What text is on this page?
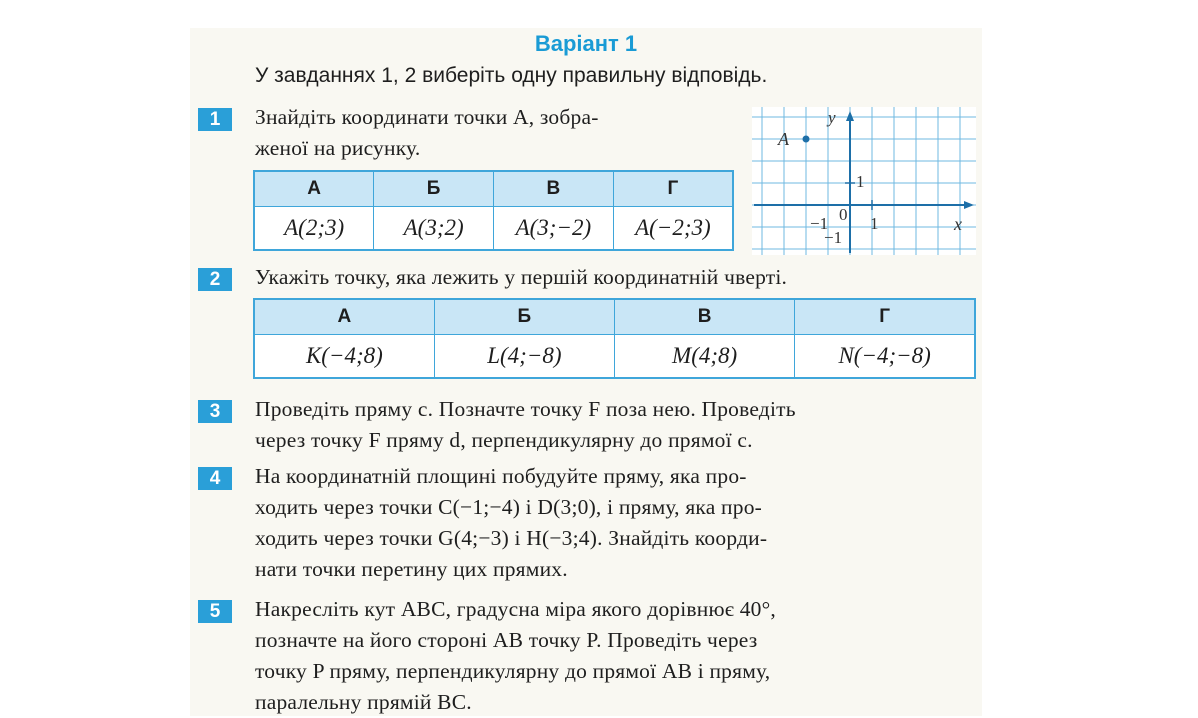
Варіант 1
У завданнях 1, 2 виберіть одну правильну відповідь.
1	Знайдіть координати точки A, зобра-
женої на рисунку.
А	Б	В	Г
A(2;3)	A(3;2)	A(3;−2)	A(−2;3)
A
y
x
0 1
−1
1
−1
2	Укажіть точку, яка лежить у першій координатній чверті.
А	Б	В	Г
K(−4;8)	L(4;−8)	M(4;8)	N(−4;−8)
3	Проведіть пряму c. Позначте точку F поза нею. Проведіть
через точку F пряму d, перпендикулярну до прямої c.
4	На координатній площині побудуйте пряму, яка про-
ходить через точки C(−1;−4) і D(3;0), і пряму, яка про-
ходить через точки G(4;−3) і H(−3;4). Знайдіть коорди-
нати точки перетину цих прямих.
5	Накресліть кут ABC, градусна міра якого дорівнює 40°,
позначте на його стороні AB точку P. Проведіть через
точку P пряму, перпендикулярну до прямої AB і пряму,
паралельну прямій BC.
